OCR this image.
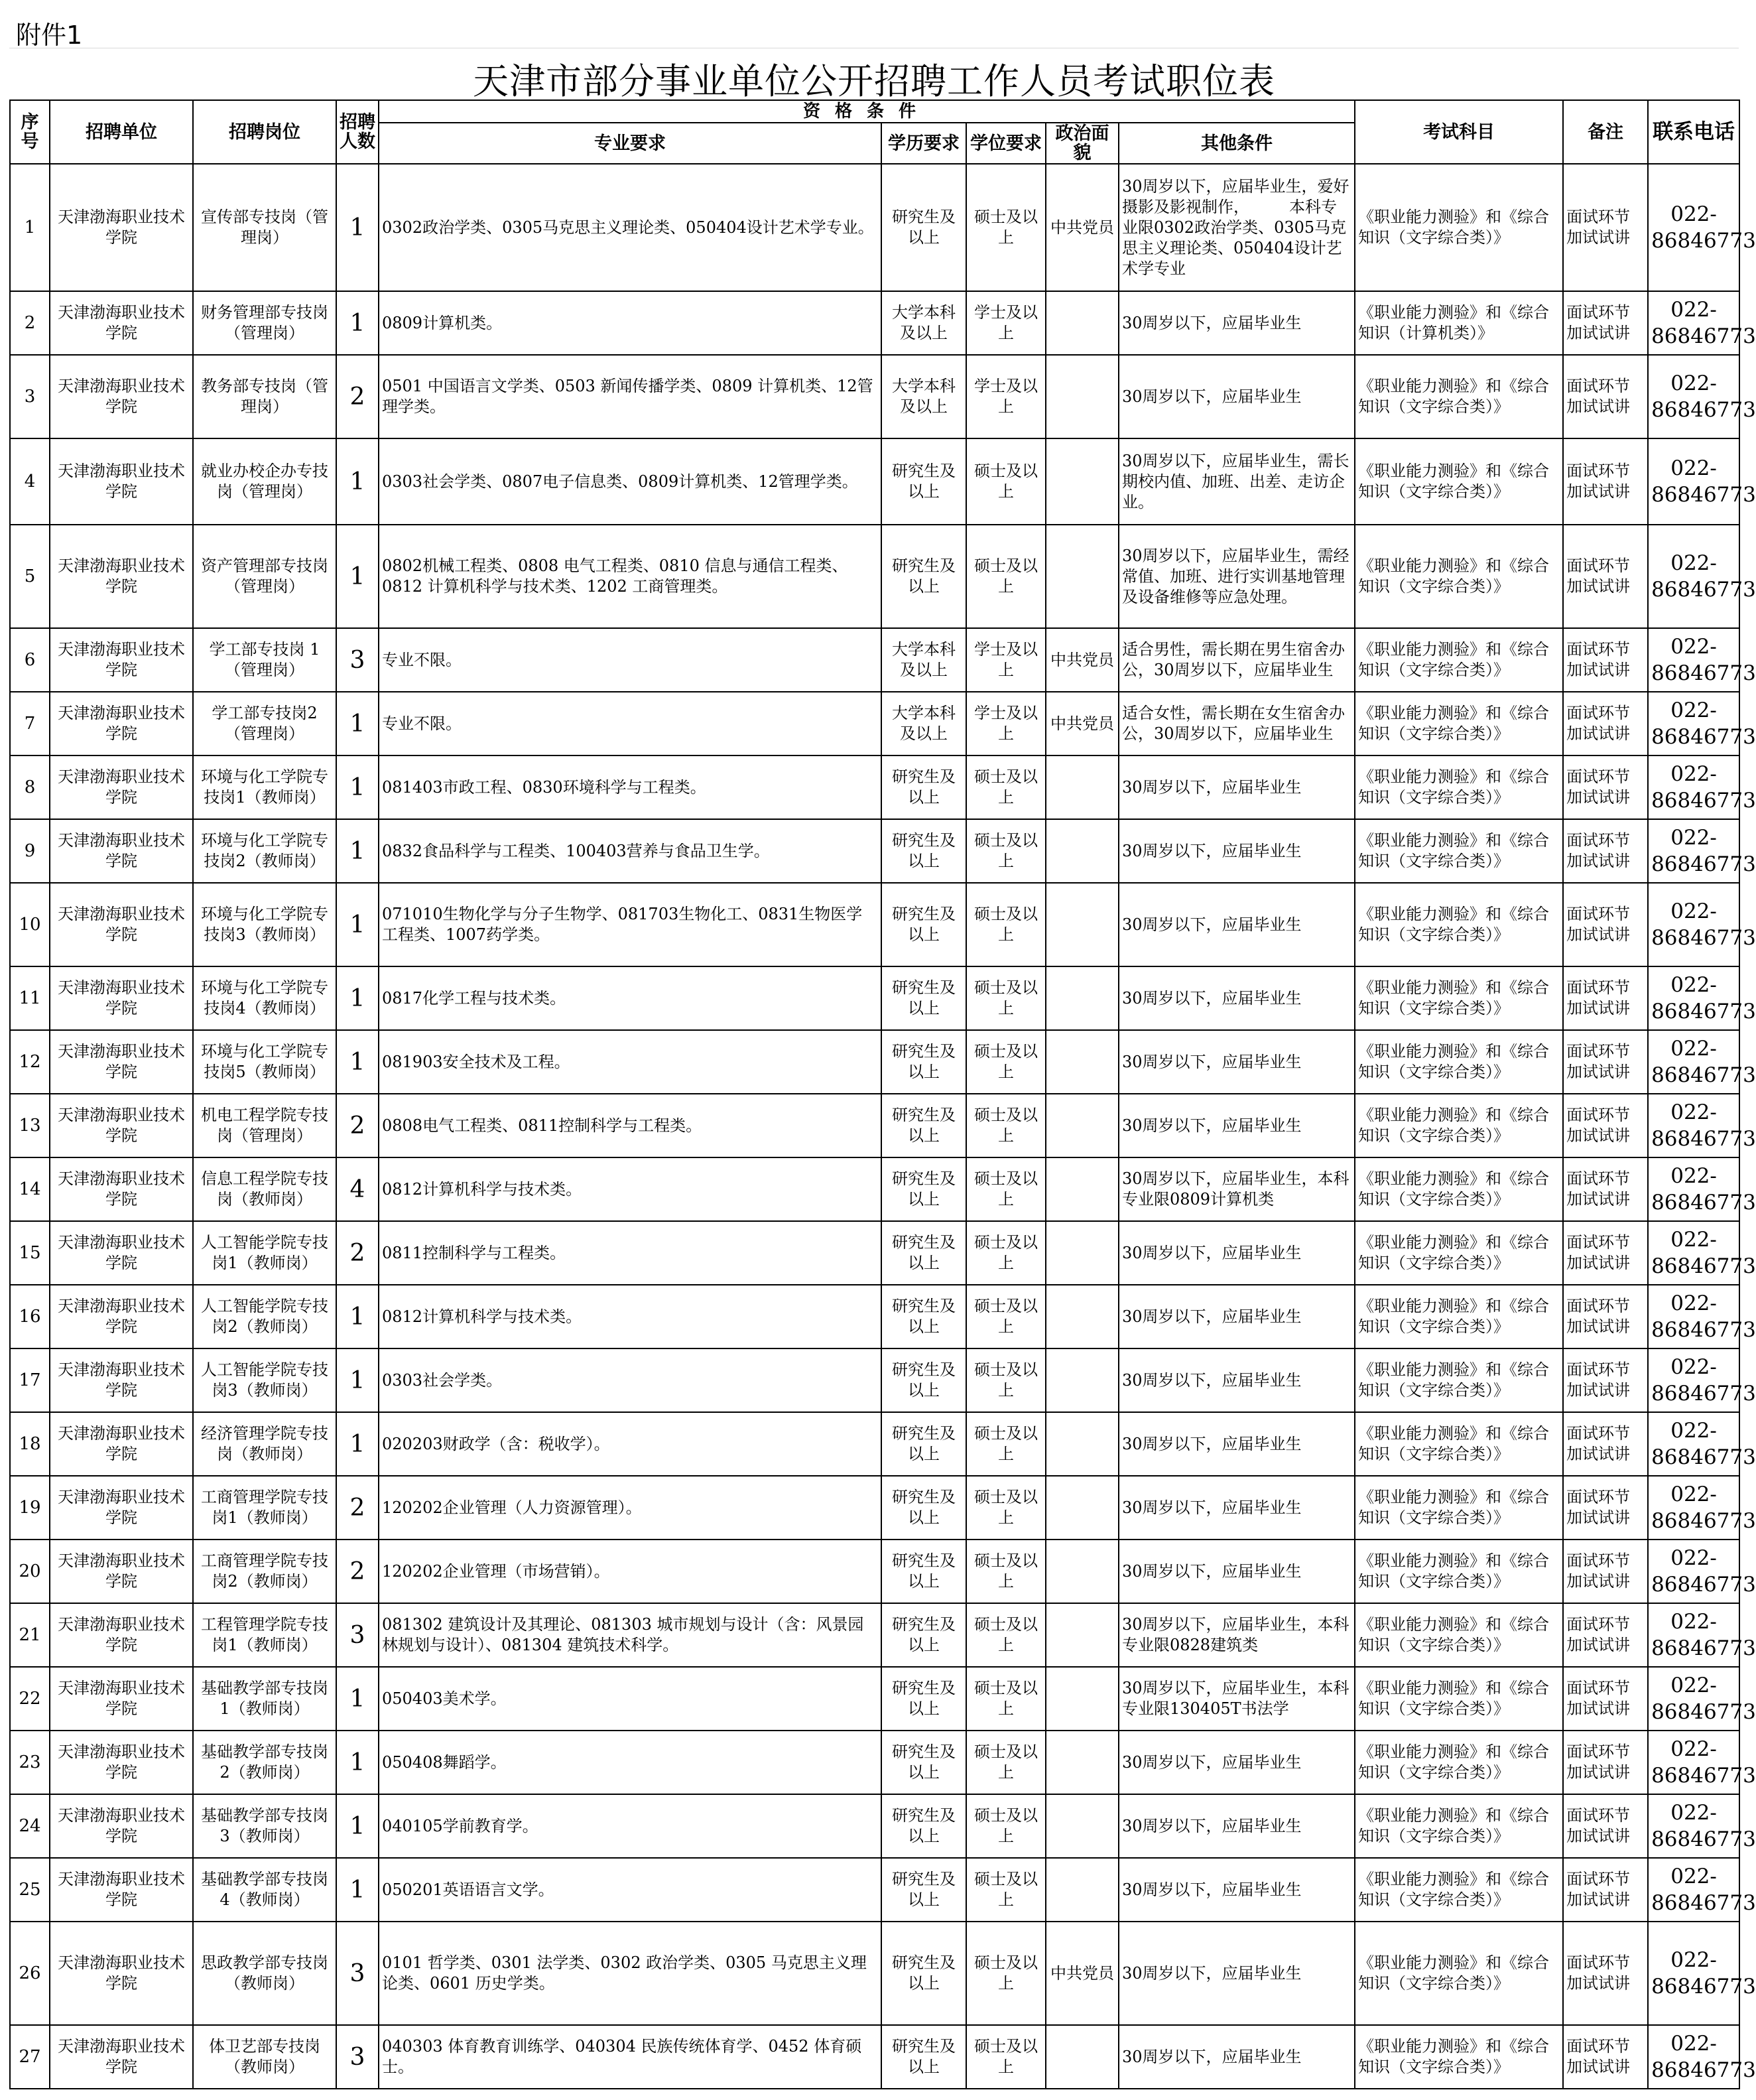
附件1
天津市部分事业单位公开招聘工作人员考试职位表
序号	招聘单位	招聘岗位	招聘人数	资格条件					考试科目	备注	联系电话
				专业要求	学历要求	学位要求	政治面貌	其他条件			
1	天津渤海职业技术学院	宣传部专技岗（管理岗）	1	0302政治学类、0305马克思主义理论类、050404设计艺术学专业。	研究生及以上	硕士及以上	中共党员	30周岁以下，应届毕业生，爱好摄影及影视制作，　　　本科专业限0302政治学类、0305马克思主义理论类、050404设计艺术学专业	《职业能力测验》和《综合知识（文字综合类）》	面试环节加试试讲	022-86846773
2	天津渤海职业技术学院	财务管理部专技岗（管理岗）	1	0809计算机类。	大学本科及以上	学士及以上		30周岁以下，应届毕业生	《职业能力测验》和《综合知识（计算机类）》	面试环节加试试讲	022-86846773
3	天津渤海职业技术学院	教务部专技岗（管理岗）	2	0501 中国语言文学类、0503 新闻传播学类、0809 计算机类、12管理学类。	大学本科及以上	学士及以上		30周岁以下，应届毕业生	《职业能力测验》和《综合知识（文字综合类）》	面试环节加试试讲	022-86846773
4	天津渤海职业技术学院	就业办校企办专技岗（管理岗）	1	0303社会学类、0807电子信息类、0809计算机类、12管理学类。	研究生及以上	硕士及以上		30周岁以下，应届毕业生，需长期校内值、加班、出差、走访企业。	《职业能力测验》和《综合知识（文字综合类）》	面试环节加试试讲	022-86846773
5	天津渤海职业技术学院	资产管理部专技岗（管理岗）	1	0802机械工程类、0808 电气工程类、0810 信息与通信工程类、0812 计算机科学与技术类、1202 工商管理类。	研究生及以上	硕士及以上		30周岁以下，应届毕业生，需经常值、加班、进行实训基地管理及设备维修等应急处理。	《职业能力测验》和《综合知识（文字综合类）》	面试环节加试试讲	022-86846773
6	天津渤海职业技术学院	学工部专技岗 1（管理岗）	3	专业不限。	大学本科及以上	学士及以上	中共党员	适合男性，需长期在男生宿舍办公，30周岁以下，应届毕业生	《职业能力测验》和《综合知识（文字综合类）》	面试环节加试试讲	022-86846773
7	天津渤海职业技术学院	学工部专技岗2（管理岗）	1	专业不限。	大学本科及以上	学士及以上	中共党员	适合女性，需长期在女生宿舍办公，30周岁以下，应届毕业生	《职业能力测验》和《综合知识（文字综合类）》	面试环节加试试讲	022-86846773
8	天津渤海职业技术学院	环境与化工学院专技岗1（教师岗）	1	081403市政工程、0830环境科学与工程类。	研究生及以上	硕士及以上		30周岁以下，应届毕业生	《职业能力测验》和《综合知识（文字综合类）》	面试环节加试试讲	022-86846773
9	天津渤海职业技术学院	环境与化工学院专技岗2（教师岗）	1	0832食品科学与工程类、100403营养与食品卫生学。	研究生及以上	硕士及以上		30周岁以下，应届毕业生	《职业能力测验》和《综合知识（文字综合类）》	面试环节加试试讲	022-86846773
10	天津渤海职业技术学院	环境与化工学院专技岗3（教师岗）	1	071010生物化学与分子生物学、081703生物化工、0831生物医学工程类、1007药学类。	研究生及以上	硕士及以上		30周岁以下，应届毕业生	《职业能力测验》和《综合知识（文字综合类）》	面试环节加试试讲	022-86846773
11	天津渤海职业技术学院	环境与化工学院专技岗4（教师岗）	1	0817化学工程与技术类。	研究生及以上	硕士及以上		30周岁以下，应届毕业生	《职业能力测验》和《综合知识（文字综合类）》	面试环节加试试讲	022-86846773
12	天津渤海职业技术学院	环境与化工学院专技岗5（教师岗）	1	081903安全技术及工程。	研究生及以上	硕士及以上		30周岁以下，应届毕业生	《职业能力测验》和《综合知识（文字综合类）》	面试环节加试试讲	022-86846773
13	天津渤海职业技术学院	机电工程学院专技岗（管理岗）	2	0808电气工程类、0811控制科学与工程类。	研究生及以上	硕士及以上		30周岁以下，应届毕业生	《职业能力测验》和《综合知识（文字综合类）》	面试环节加试试讲	022-86846773
14	天津渤海职业技术学院	信息工程学院专技岗（教师岗）	4	0812计算机科学与技术类。	研究生及以上	硕士及以上		30周岁以下，应届毕业生，本科专业限0809计算机类	《职业能力测验》和《综合知识（文字综合类）》	面试环节加试试讲	022-86846773
15	天津渤海职业技术学院	人工智能学院专技岗1（教师岗）	2	0811控制科学与工程类。	研究生及以上	硕士及以上		30周岁以下，应届毕业生	《职业能力测验》和《综合知识（文字综合类）》	面试环节加试试讲	022-86846773
16	天津渤海职业技术学院	人工智能学院专技岗2（教师岗）	1	0812计算机科学与技术类。	研究生及以上	硕士及以上		30周岁以下，应届毕业生	《职业能力测验》和《综合知识（文字综合类）》	面试环节加试试讲	022-86846773
17	天津渤海职业技术学院	人工智能学院专技岗3（教师岗）	1	0303社会学类。	研究生及以上	硕士及以上		30周岁以下，应届毕业生	《职业能力测验》和《综合知识（文字综合类）》	面试环节加试试讲	022-86846773
18	天津渤海职业技术学院	经济管理学院专技岗（教师岗）	1	020203财政学（含：税收学）。	研究生及以上	硕士及以上		30周岁以下，应届毕业生	《职业能力测验》和《综合知识（文字综合类）》	面试环节加试试讲	022-86846773
19	天津渤海职业技术学院	工商管理学院专技岗1（教师岗）	2	120202企业管理（人力资源管理）。	研究生及以上	硕士及以上		30周岁以下，应届毕业生	《职业能力测验》和《综合知识（文字综合类）》	面试环节加试试讲	022-86846773
20	天津渤海职业技术学院	工商管理学院专技岗2（教师岗）	2	120202企业管理（市场营销）。	研究生及以上	硕士及以上		30周岁以下，应届毕业生	《职业能力测验》和《综合知识（文字综合类）》	面试环节加试试讲	022-86846773
21	天津渤海职业技术学院	工程管理学院专技岗1（教师岗）	3	081302 建筑设计及其理论、081303 城市规划与设计（含：风景园林规划与设计）、081304 建筑技术科学。	研究生及以上	硕士及以上		30周岁以下，应届毕业生，本科专业限0828建筑类	《职业能力测验》和《综合知识（文字综合类）》	面试环节加试试讲	022-86846773
22	天津渤海职业技术学院	基础教学部专技岗1（教师岗）	1	050403美术学。	研究生及以上	硕士及以上		30周岁以下，应届毕业生，本科专业限130405T书法学	《职业能力测验》和《综合知识（文字综合类）》	面试环节加试试讲	022-86846773
23	天津渤海职业技术学院	基础教学部专技岗2（教师岗）	1	050408舞蹈学。	研究生及以上	硕士及以上		30周岁以下，应届毕业生	《职业能力测验》和《综合知识（文字综合类）》	面试环节加试试讲	022-86846773
24	天津渤海职业技术学院	基础教学部专技岗3（教师岗）	1	040105学前教育学。	研究生及以上	硕士及以上		30周岁以下，应届毕业生	《职业能力测验》和《综合知识（文字综合类）》	面试环节加试试讲	022-86846773
25	天津渤海职业技术学院	基础教学部专技岗4（教师岗）	1	050201英语语言文学。	研究生及以上	硕士及以上		30周岁以下，应届毕业生	《职业能力测验》和《综合知识（文字综合类）》	面试环节加试试讲	022-86846773
26	天津渤海职业技术学院	思政教学部专技岗（教师岗）	3	0101 哲学类、0301 法学类、0302 政治学类、0305 马克思主义理论类、0601 历史学类。	研究生及以上	硕士及以上	中共党员	30周岁以下，应届毕业生	《职业能力测验》和《综合知识（文字综合类）》	面试环节加试试讲	022-86846773
27	天津渤海职业技术学院	体卫艺部专技岗（教师岗）	3	040303 体育教育训练学、040304 民族传统体育学、0452 体育硕士。	研究生及以上	硕士及以上		30周岁以下，应届毕业生	《职业能力测验》和《综合知识（文字综合类）》	面试环节加试试讲	022-86846773
